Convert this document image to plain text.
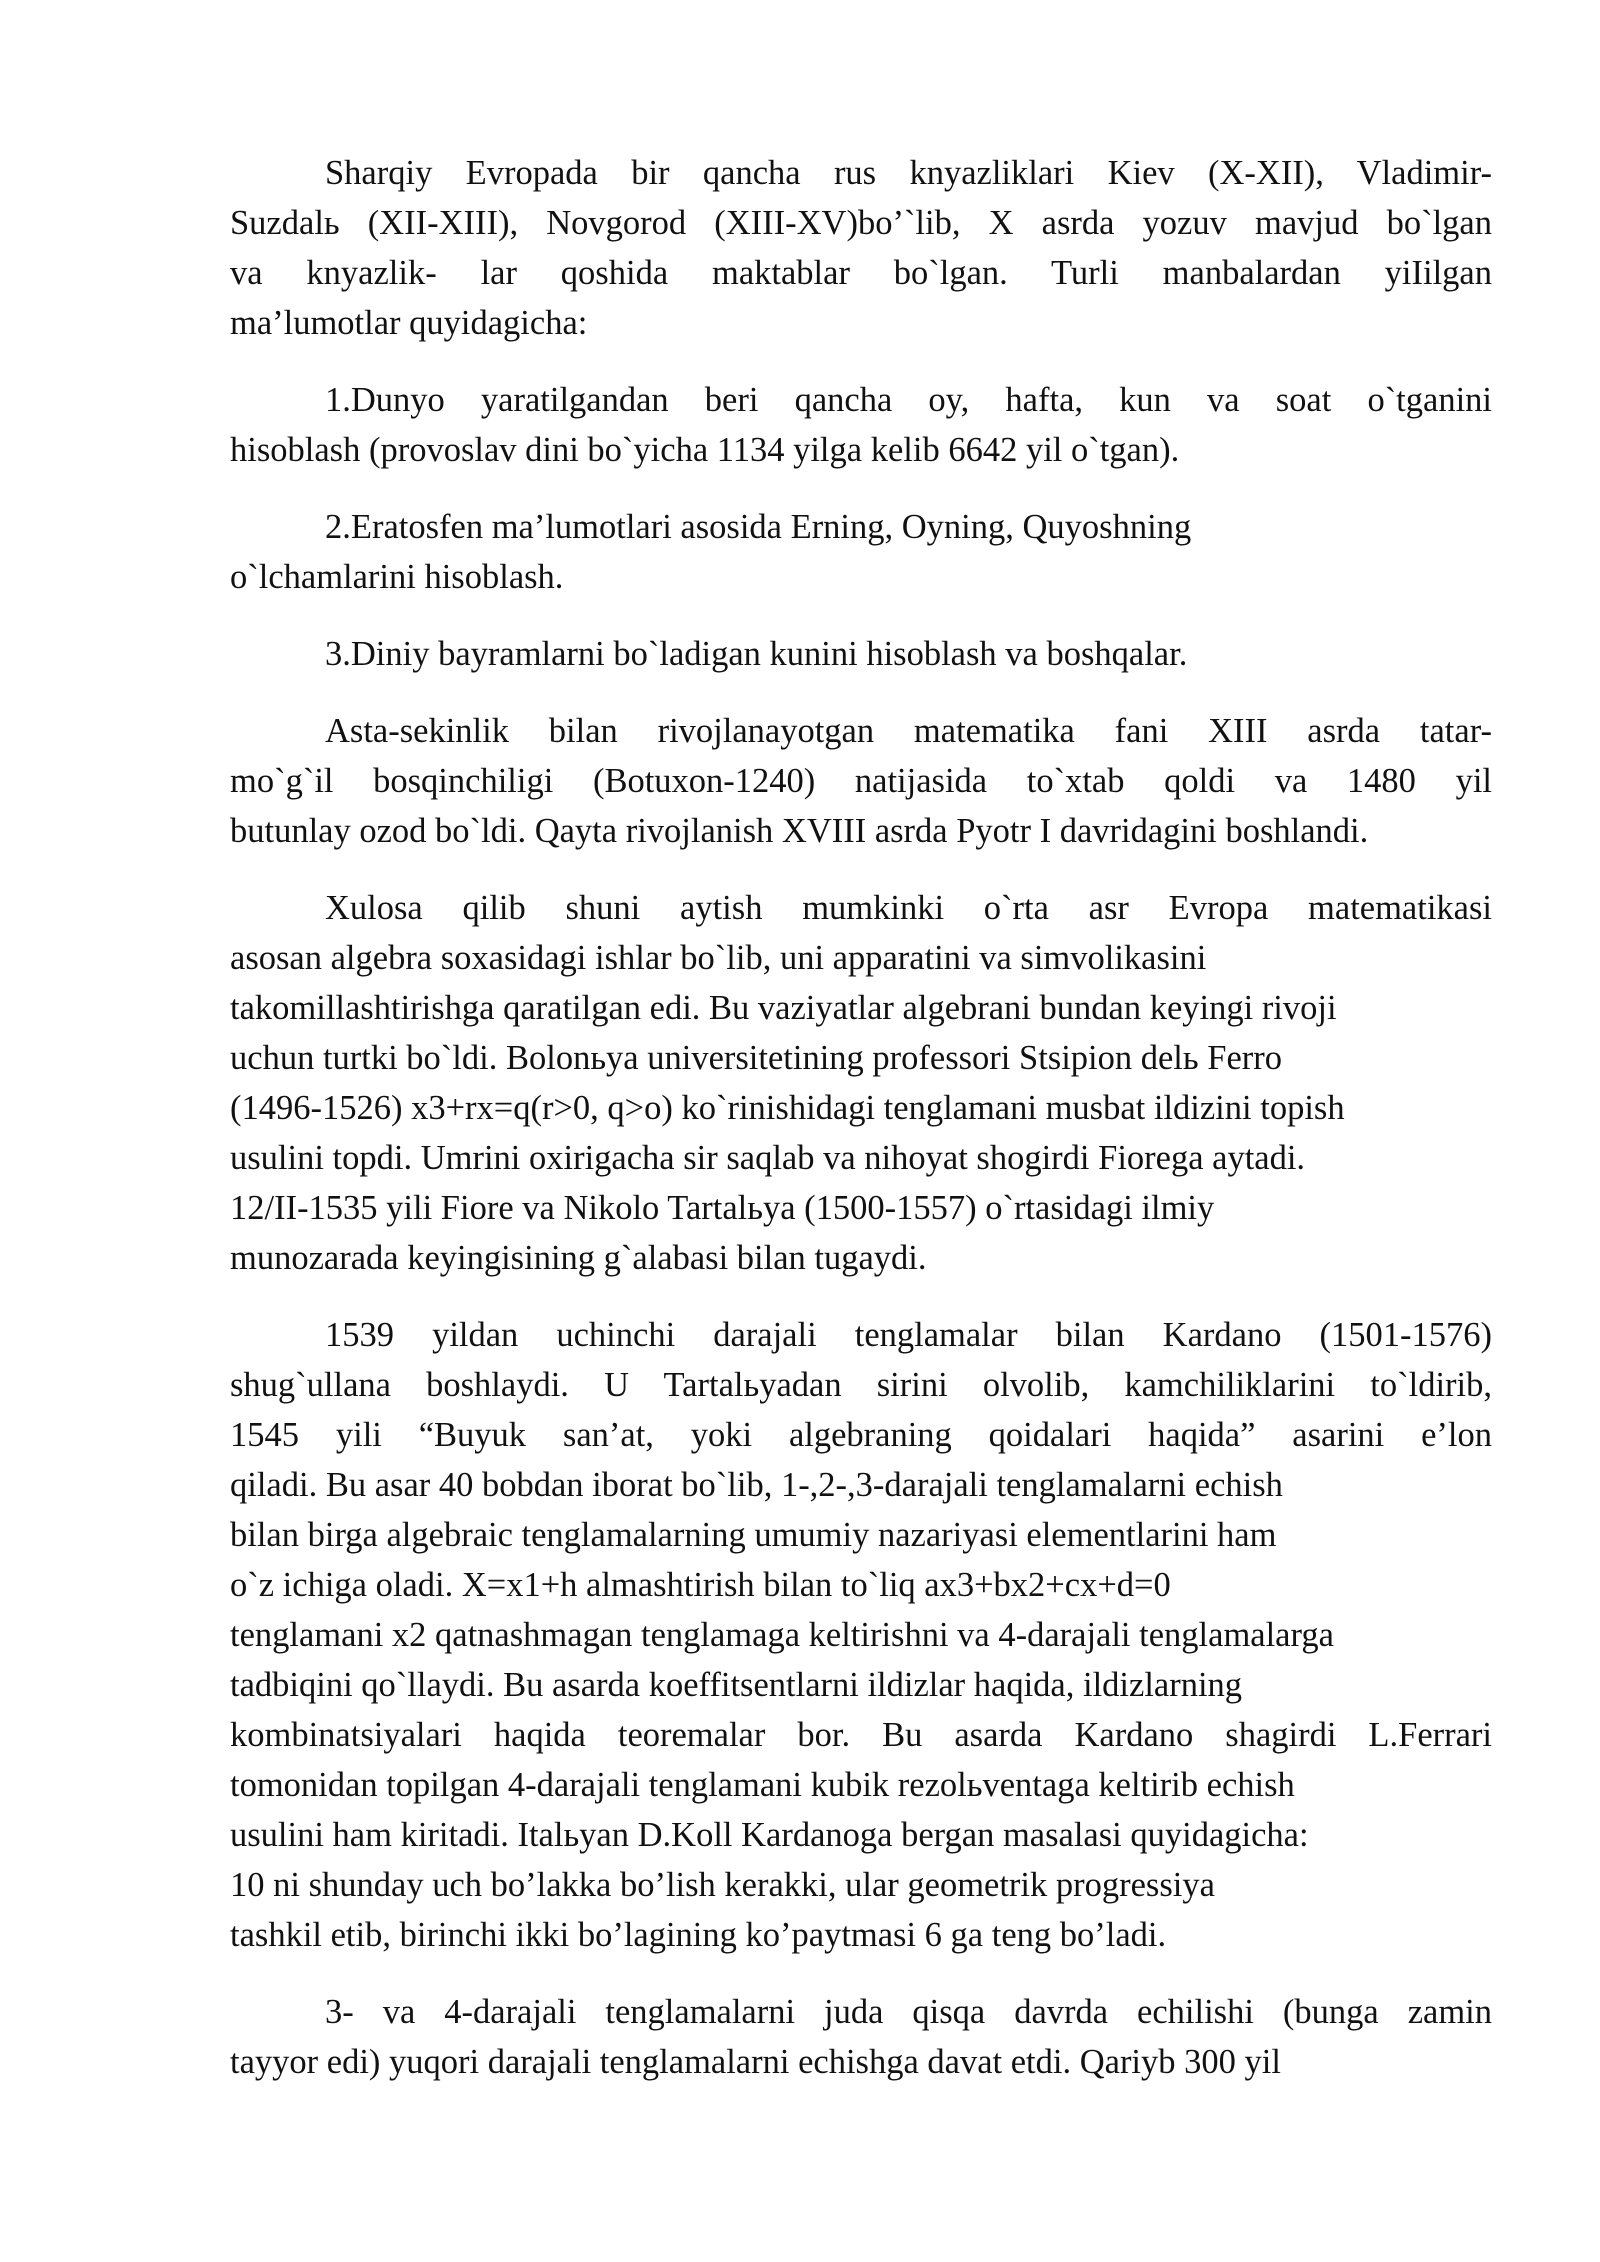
Sharqiy Evropada bir qancha rus knyazliklari Kiev (X-XII), Vladimir-
Suzdalь (XII-XIII), Novgorod (XIII-XV)bo’`lib, X asrda yozuv mavjud bo`lgan
va knyazlik- lar qoshida maktablar bo`lgan. Turli manbalardan yiIilgan
ma’lumotlar quyidagicha:
1.Dunyo yaratilgandan beri qancha oy, hafta, kun va soat o`tganini
hisoblash (provoslav dini bo`yicha 1134 yilga kelib 6642 yil o`tgan).
2.Eratosfen ma’lumotlari asosida Erning, Oyning, Quyoshning
o`lchamlarini hisoblash.
3.Diniy bayramlarni bo`ladigan kunini hisoblash va boshqalar.
Asta-sekinlik bilan rivojlanayotgan matematika fani XIII asrda tatar-
mo`g`il bosqinchiligi (Botuxon-1240) natijasida to`xtab qoldi va 1480 yil
butunlay ozod bo`ldi. Qayta rivojlanish XVIII asrda Pyotr I davridagini boshlandi.
Xulosa qilib shuni aytish mumkinki o`rta asr Evropa matematikasi
asosan algebra soxasidagi ishlar bo`lib, uni apparatini va simvolikasini
takomillashtirishga qaratilgan edi. Bu vaziyatlar algebrani bundan keyingi rivoji
uchun turtki bo`ldi. Bolonьya universitetining professori Stsipion delь Ferro
(1496-1526) x3+rx=q(r>0, q>o) ko`rinishidagi tenglamani musbat ildizini topish
usulini topdi. Umrini oxirigacha sir saqlab va nihoyat shogirdi Fiorega aytadi.
12/II-1535 yili Fiore va Nikolo Tartalьya (1500-1557) o`rtasidagi ilmiy
munozarada keyingisining g`alabasi bilan tugaydi.
1539 yildan uchinchi darajali tenglamalar bilan Kardano (1501-1576)
shug`ullana boshlaydi. U Tartalьyadan sirini olvolib, kamchiliklarini to`ldirib,
1545 yili “Buyuk san’at, yoki algebraning qoidalari haqida” asarini e’lon
qiladi. Bu asar 40 bobdan iborat bo`lib, 1-,2-,3-darajali tenglamalarni echish
bilan birga algebraic tenglamalarning umumiy nazariyasi elementlarini ham
o`z ichiga oladi. X=x1+h almashtirish bilan to`liq ax3+bx2+cx+d=0
tenglamani x2 qatnashmagan tenglamaga keltirishni va 4-darajali tenglamalarga
tadbiqini qo`llaydi. Bu asarda koeffitsentlarni ildizlar haqida, ildizlarning
kombinatsiyalari haqida teoremalar bor. Bu asarda Kardano shagirdi L.Ferrari
tomonidan topilgan 4-darajali tenglamani kubik rezolьventaga keltirib echish
usulini ham kiritadi. Italьyan D.Koll Kardanoga bergan masalasi quyidagicha:
10 ni shunday uch bo’lakka bo’lish kerakki, ular geometrik progressiya
tashkil etib, birinchi ikki bo’lagining ko’paytmasi 6 ga teng bo’ladi.
3- va 4-darajali tenglamalarni juda qisqa davrda echilishi (bunga zamin
tayyor edi) yuqori darajali tenglamalarni echishga davat etdi. Qariyb 300 yil
